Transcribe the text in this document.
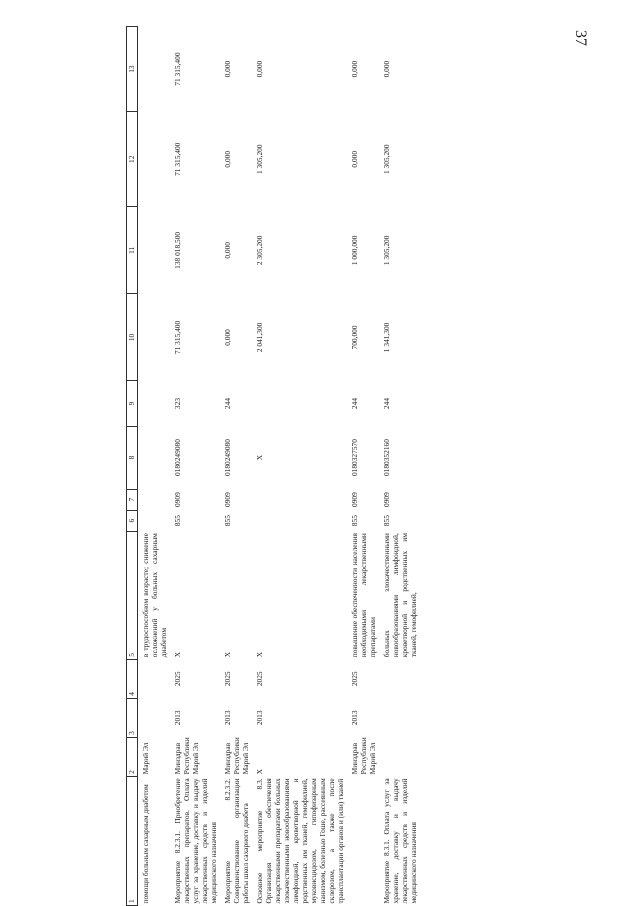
37
1	2	3	4	5	6	7	8	9	10	11	12	13
помощи больным сахарным диабетом	Марий Эл			в трудоспособном возрасте; снижение осложнений у больных сахарным диабетом								
Мероприятие 8.2.3.1. Приобретение лекарственных препаратов. Оплата услуг за хранение, доставку и выдачу лекарственных средств и изделий медицинского назначения	Минздрав Республики Марий Эл	2013	2025	Х	855	0909	0180249080	323	71 315,400	138 018,500	71 315,400	71 315,400
Мероприятие 8.2.3.2. Совершенствование организации работы школ сахарного диабета	Минздрав Республики Марий Эл	2013	2025	Х	855	0909	0180249080	244	0,000	0,000	0,000	0,000
Основное мероприятие 8.3. Организация обеспечения лекарственными препаратами больных злокачественными новообразованиями лимфоидной, кроветворной и родственных им тканей, гемофилией, муковисцидозом, гипофизарным нанизмом, болезнью Гоше, рассеянным склерозом, а также после трансплантации органов и (или) тканей	Х	2013	2025	Х			Х		2 041,300	2 305,200	1 305,200	0,000
	Минздрав Республики Марий Эл	2013	2025	повышение обеспеченности населения необходимыми лекарственными препаратами	855	0909	0180327570	244	700,000	1 000,000	0,000	0,000
Мероприятие 8.3.1. Оплата услуг за хранение, доставку и выдачу лекарственных средств и изделий медицинского назначения				больных злокачественными новообразованиями лимфоидной, кроветворной и родственных им тканей, гемофилией,	855	0909	0180352160	244	1 341,300	1 305,200	1 305,200	0,000
